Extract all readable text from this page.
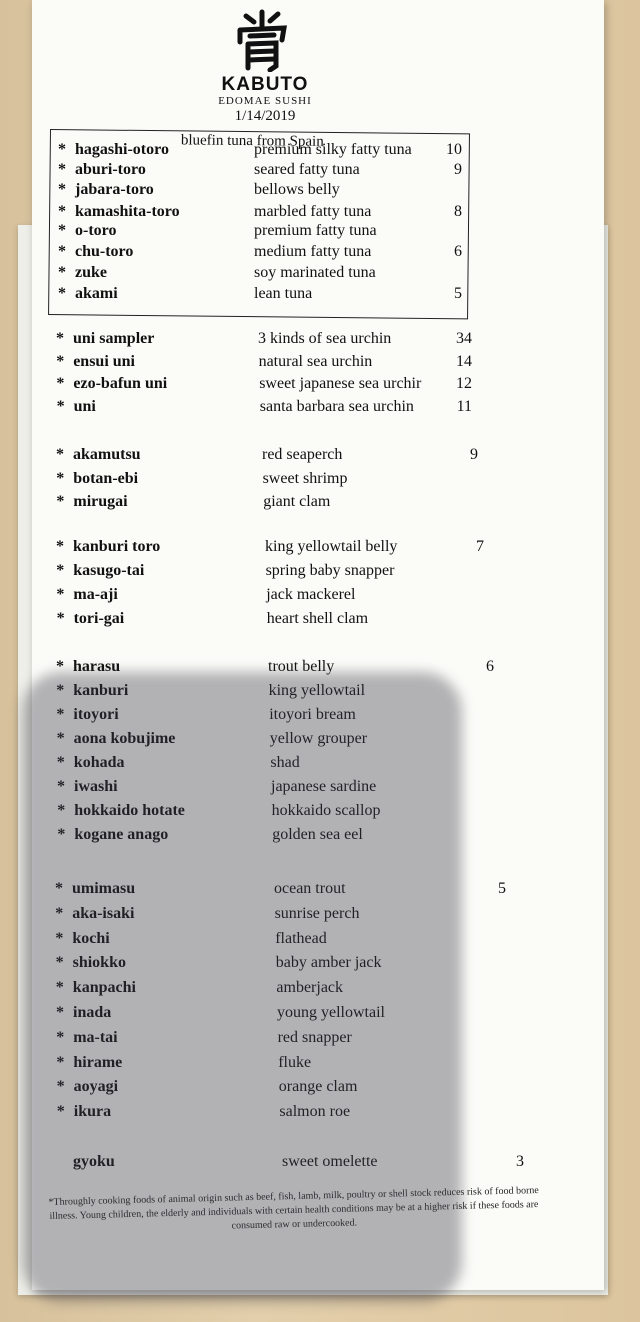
KABUTO
EDOMAE SUSHI
1/14/2019
bluefin tuna from Spain
* hagashi-otoro	premium silky fatty tuna	10
* aburi-toro	seared fatty tuna	9
* jabara-toro	bellows belly
* kamashita-toro	marbled fatty tuna	8
* o-toro	premium fatty tuna
* chu-toro	medium fatty tuna	6
* zuke	soy marinated tuna
* akami	lean tuna	5
* uni sampler	3 kinds of sea urchin	34
* ensui uni	natural sea urchin	14
* ezo-bafun uni	sweet japanese sea urchir	12
* uni	santa barbara sea urchin	11
* akamutsu	red seaperch	9
* botan-ebi	sweet shrimp
* mirugai	giant clam
* kanburi toro	king yellowtail belly	7
* kasugo-tai	spring baby snapper
* ma-aji	jack mackerel
* tori-gai	heart shell clam
* harasu	trout belly	6
* kanburi	king yellowtail
* itoyori	itoyori bream
* aona kobujime	yellow grouper
* kohada	shad
* iwashi	japanese sardine
* hokkaido hotate	hokkaido scallop
* kogane anago	golden sea eel
* umimasu	ocean trout	5
* aka-isaki	sunrise perch
* kochi	flathead
* shiokko	baby amber jack
* kanpachi	amberjack
* inada	young yellowtail
* ma-tai	red snapper
* hirame	fluke
* aoyagi	orange clam
* ikura	salmon roe
gyoku	sweet omelette	3
*Throughly cooking foods of animal origin such as beef, fish, lamb, milk, poultry or shell stock reduces risk of food borne illness. Young children, the elderly and individuals with certain health conditions may be at a higher risk if these foods are consumed raw or undercooked.
